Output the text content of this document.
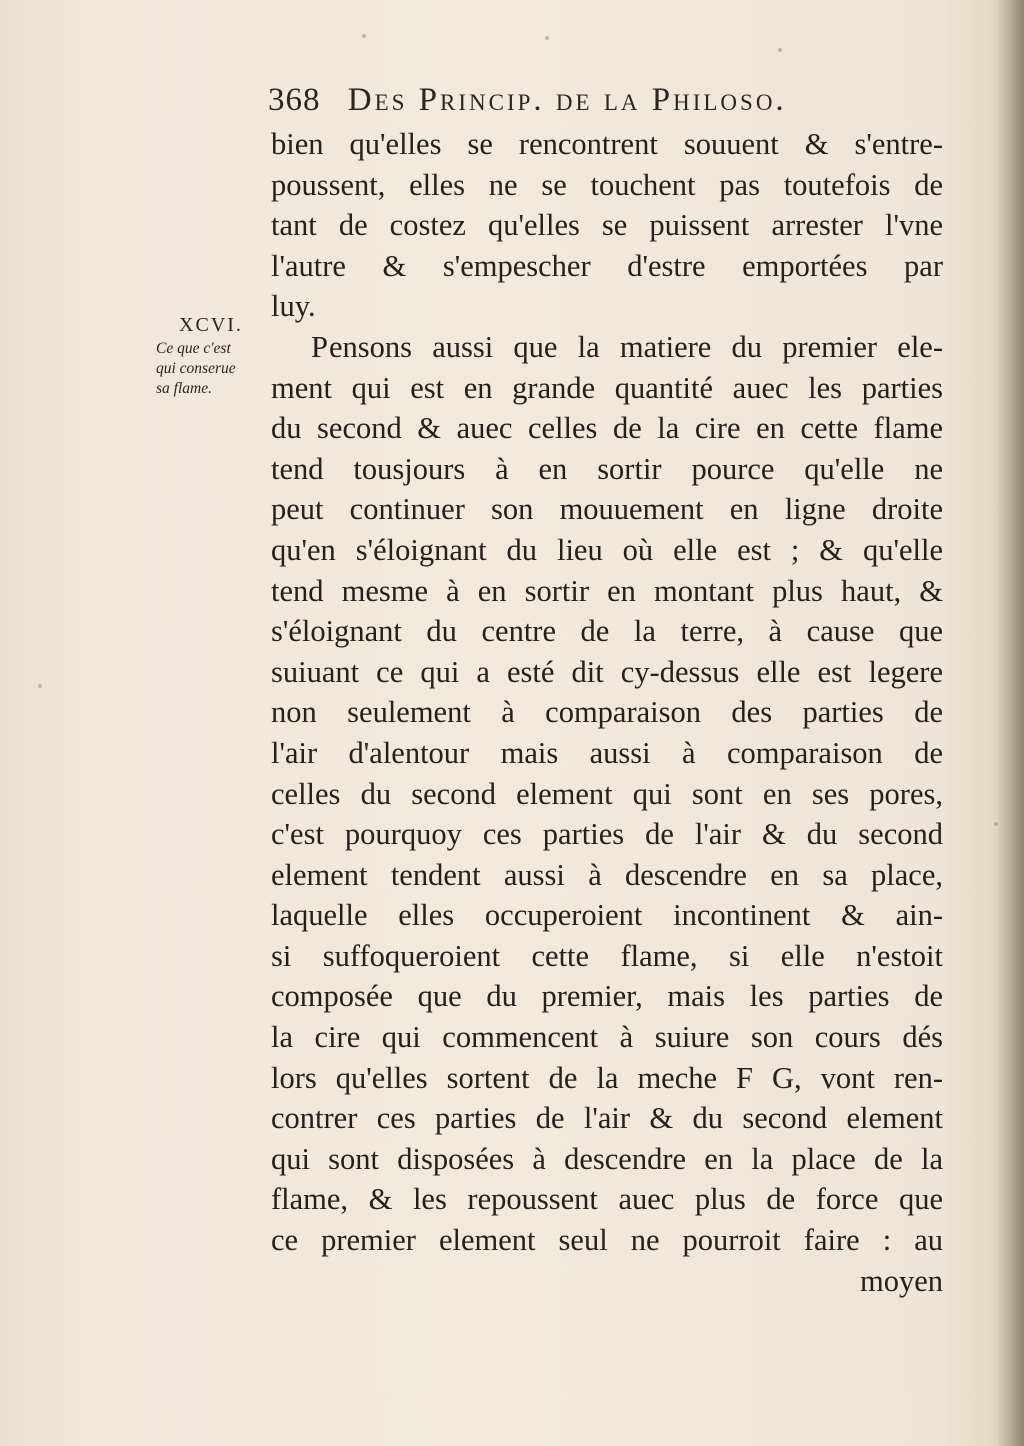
368 Des Princip. de la Philoso.
XCVI.
Ce que c'est
qui conserue
sa flame.
bien qu'elles se rencontrent souuent & s'entre-
poussent, elles ne se touchent pas toutefois de
tant de costez qu'elles se puissent arrester l'vne
l'autre & s'empescher d'estre emportées par
luy.
Pensons aussi que la matiere du premier ele-
ment qui est en grande quantité auec les parties
du second & auec celles de la cire en cette flame
tend tousjours à en sortir pource qu'elle ne
peut continuer son mouuement en ligne droite
qu'en s'éloignant du lieu où elle est ; & qu'elle
tend mesme à en sortir en montant plus haut, &
s'éloignant du centre de la terre, à cause que
suiuant ce qui a esté dit cy-dessus elle est legere
non seulement à comparaison des parties de
l'air d'alentour mais aussi à comparaison de
celles du second element qui sont en ses pores,
c'est pourquoy ces parties de l'air & du second
element tendent aussi à descendre en sa place,
laquelle elles occuperoient incontinent & ain-
si suffoqueroient cette flame, si elle n'estoit
composée que du premier, mais les parties de
la cire qui commencent à suiure son cours dés
lors qu'elles sortent de la meche F G, vont ren-
contrer ces parties de l'air & du second element
qui sont disposées à descendre en la place de la
flame, & les repoussent auec plus de force que
ce premier element seul ne pourroit faire : au
moyen
